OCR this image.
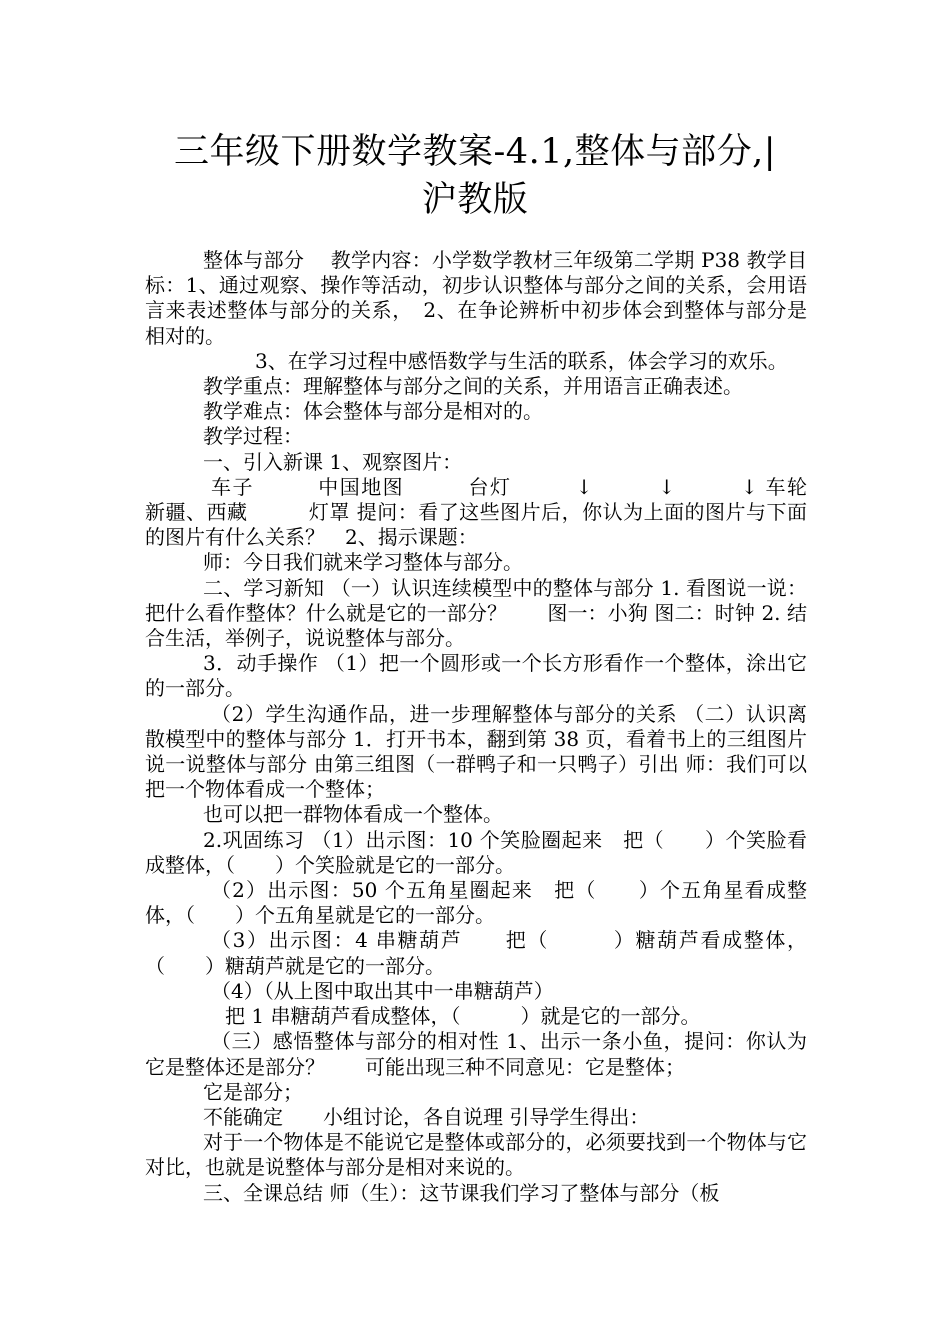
三年级下册数学教案-4.1,整体与部分,|
沪教版

整体与部分　 教学内容：小学数学教材三年级第二学期 P38 教学目标：1、通过观察、操作等活动，初步认识整体与部分之间的关系，会用语言来表述整体与部分的关系，　2、在争论辨析中初步体会到整体与部分是相对的。

3、在学习过程中感悟数学与生活的联系，体会学习的欢乐。

教学重点：理解整体与部分之间的关系，并用语言正确表述。

教学难点：体会整体与部分是相对的。

教学过程：

一、引入新课 1、观察图片：

车子　　　中国地图　　　台灯　　　↓　　　↓　　　↓ 车轮　　　新疆、西藏　　　灯罩 提问：看了这些图片后，你认为上面的图片与下面的图片有什么关系？　2、揭示课题：

师：今日我们就来学习整体与部分。

二、学习新知 （一）认识连续模型中的整体与部分 1. 看图说一说：把什么看作整体？什么就是它的一部分？　　图一：小狗 图二：时钟 2. 结合生活，举例子，说说整体与部分。

3．动手操作 （1）把一个圆形或一个长方形看作一个整体，涂出它的一部分。

（2）学生沟通作品，进一步理解整体与部分的关系 （二）认识离散模型中的整体与部分 1．打开书本，翻到第 38 页，看着书上的三组图片说一说整体与部分 由第三组图（一群鸭子和一只鸭子）引出 师：我们可以把一个物体看成一个整体；

也可以把一群物体看成一个整体。

2.巩固练习 （1）出示图：10 个笑脸圈起来　把（　　）个笑脸看成整体，（　　）个笑脸就是它的一部分。

（2）出示图：50 个五角星圈起来　把（　　）个五角星看成整体，（　　）个五角星就是它的一部分。

（3）出示图：4 串糖葫芦　　把（　　　）糖葫芦看成整体，（　　）糖葫芦就是它的一部分。

（4）（从上图中取出其中一串糖葫芦）

把 1 串糖葫芦看成整体，（　　　）就是它的一部分。

（三）感悟整体与部分的相对性 1、出示一条小鱼，提问：你认为它是整体还是部分？　　可能出现三种不同意见：它是整体；

它是部分；

不能确定　　小组讨论，各自说理 引导学生得出：

对于一个物体是不能说它是整体或部分的，必须要找到一个物体与它对比，也就是说整体与部分是相对来说的。

三、全课总结 师（生）：这节课我们学习了整体与部分（板
